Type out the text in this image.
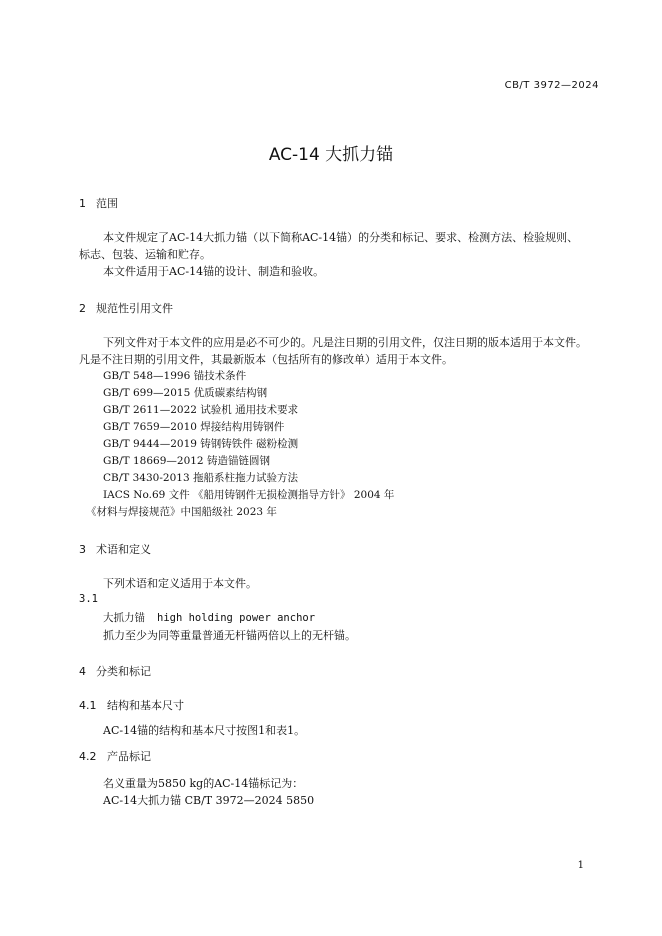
CB/T 3972—2024
AC-14 大抓力锚
1 范围
本文件规定了AC-14大抓力锚（以下简称AC-14锚）的分类和标记、要求、检测方法、检验规则、
标志、包装、运输和贮存。
本文件适用于AC-14锚的设计、制造和验收。
2 规范性引用文件
下列文件对于本文件的应用是必不可少的。凡是注日期的引用文件，仅注日期的版本适用于本文件。
凡是不注日期的引用文件，其最新版本（包括所有的修改单）适用于本文件。
GB/T 548—1996 锚技术条件
GB/T 699—2015 优质碳素结构钢
GB/T 2611—2022 试验机 通用技术要求
GB/T 7659—2010 焊接结构用铸钢件
GB/T 9444—2019 铸钢铸铁件 磁粉检测
GB/T 18669—2012 铸造锚链圆钢
CB/T 3430-2013 拖船系柱拖力试验方法
IACS No.69 文件 《船用铸钢件无损检测指导方针》 2004 年
《材料与焊接规范》中国船级社 2023 年
3 术语和定义
下列术语和定义适用于本文件。
3.1
大抓力锚 high holding power anchor
抓力至少为同等重量普通无杆锚两倍以上的无杆锚。
4 分类和标记
4.1 结构和基本尺寸
AC-14锚的结构和基本尺寸按图1和表1。
4.2 产品标记
名义重量为5850 kg的AC-14锚标记为：
AC-14大抓力锚 CB/T 3972—2024 5850
1
